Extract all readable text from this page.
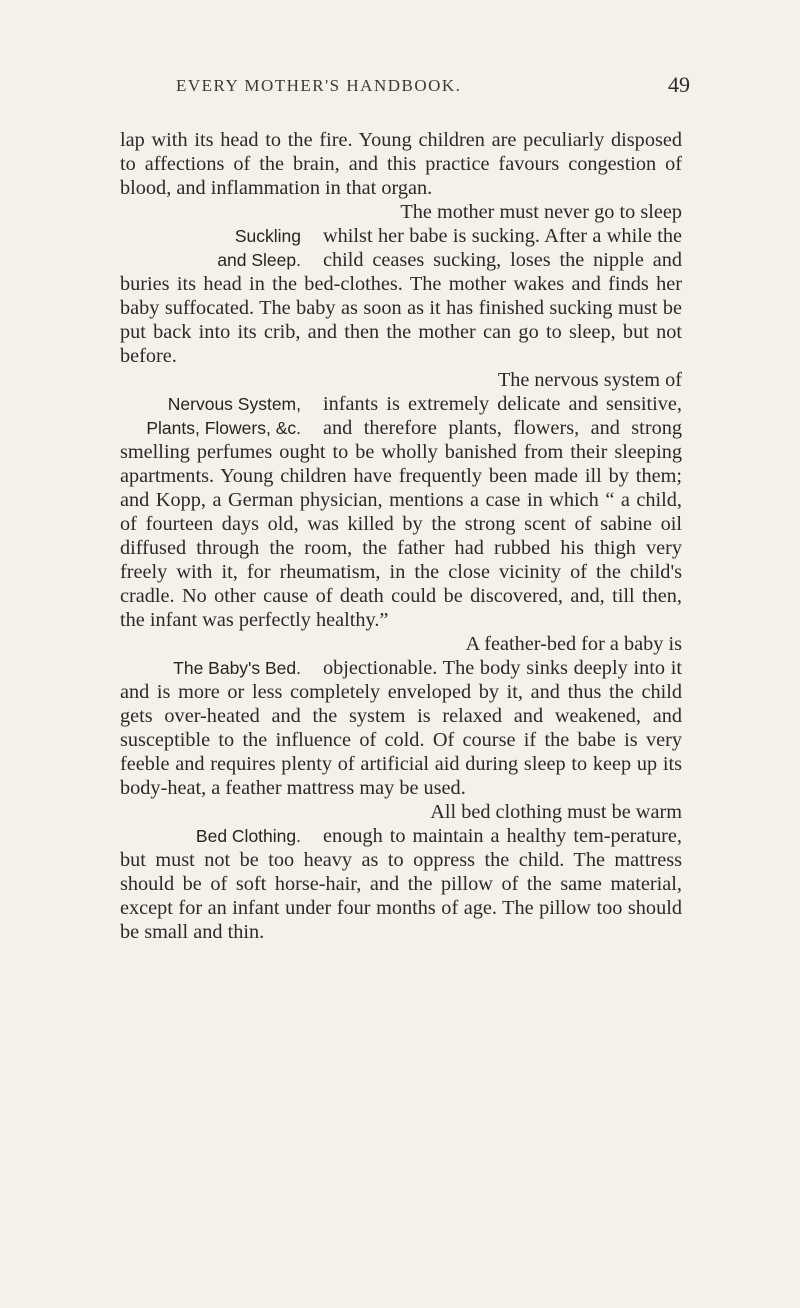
EVERY MOTHER'S HANDBOOK.	49

lap with its head to the fire. Young children are peculiarly disposed to affections of the brain, and this practice favours congestion of blood, and inflammation in that organ.

The mother must never go to sleep

Suckling
and Sleep.

whilst her babe is sucking. After a while the child ceases sucking, loses the nipple and buries its head in the bed-clothes. The mother wakes and finds her baby suffocated. The baby as soon as it has finished sucking must be put back into its crib, and then the mother can go to sleep, but not before.

The nervous system of

Nervous System,
Plants, Flowers, &c.

infants is extremely delicate and sensitive, and therefore plants, flowers, and strong smelling perfumes ought to be wholly banished from their sleeping apartments. Young children have frequently been made ill by them; and Kopp, a German physician, mentions a case in which “ a child, of fourteen days old, was killed by the strong scent of sabine oil diffused through the room, the father had rubbed his thigh very freely with it, for rheumatism, in the close vicinity of the child's cradle. No other cause of death could be discovered, and, till then, the infant was perfectly healthy.”

A feather-bed for a baby is

The Baby's Bed.	objectionable. The body sinks deeply into it and is more or less completely enveloped by it, and thus the child gets over-heated and the system is relaxed and weakened, and susceptible to the influence of cold. Of course if the babe is very feeble and requires plenty of artificial aid during sleep to keep up its body-heat, a feather mattress may be used.

All bed clothing must be warm

Bed Clothing.	enough to maintain a healthy tem-perature, but must not be too heavy as to oppress the child. The mattress should be of soft horse-hair, and the pillow of the same material, except for an infant under four months of age. The pillow too should be small and thin.
